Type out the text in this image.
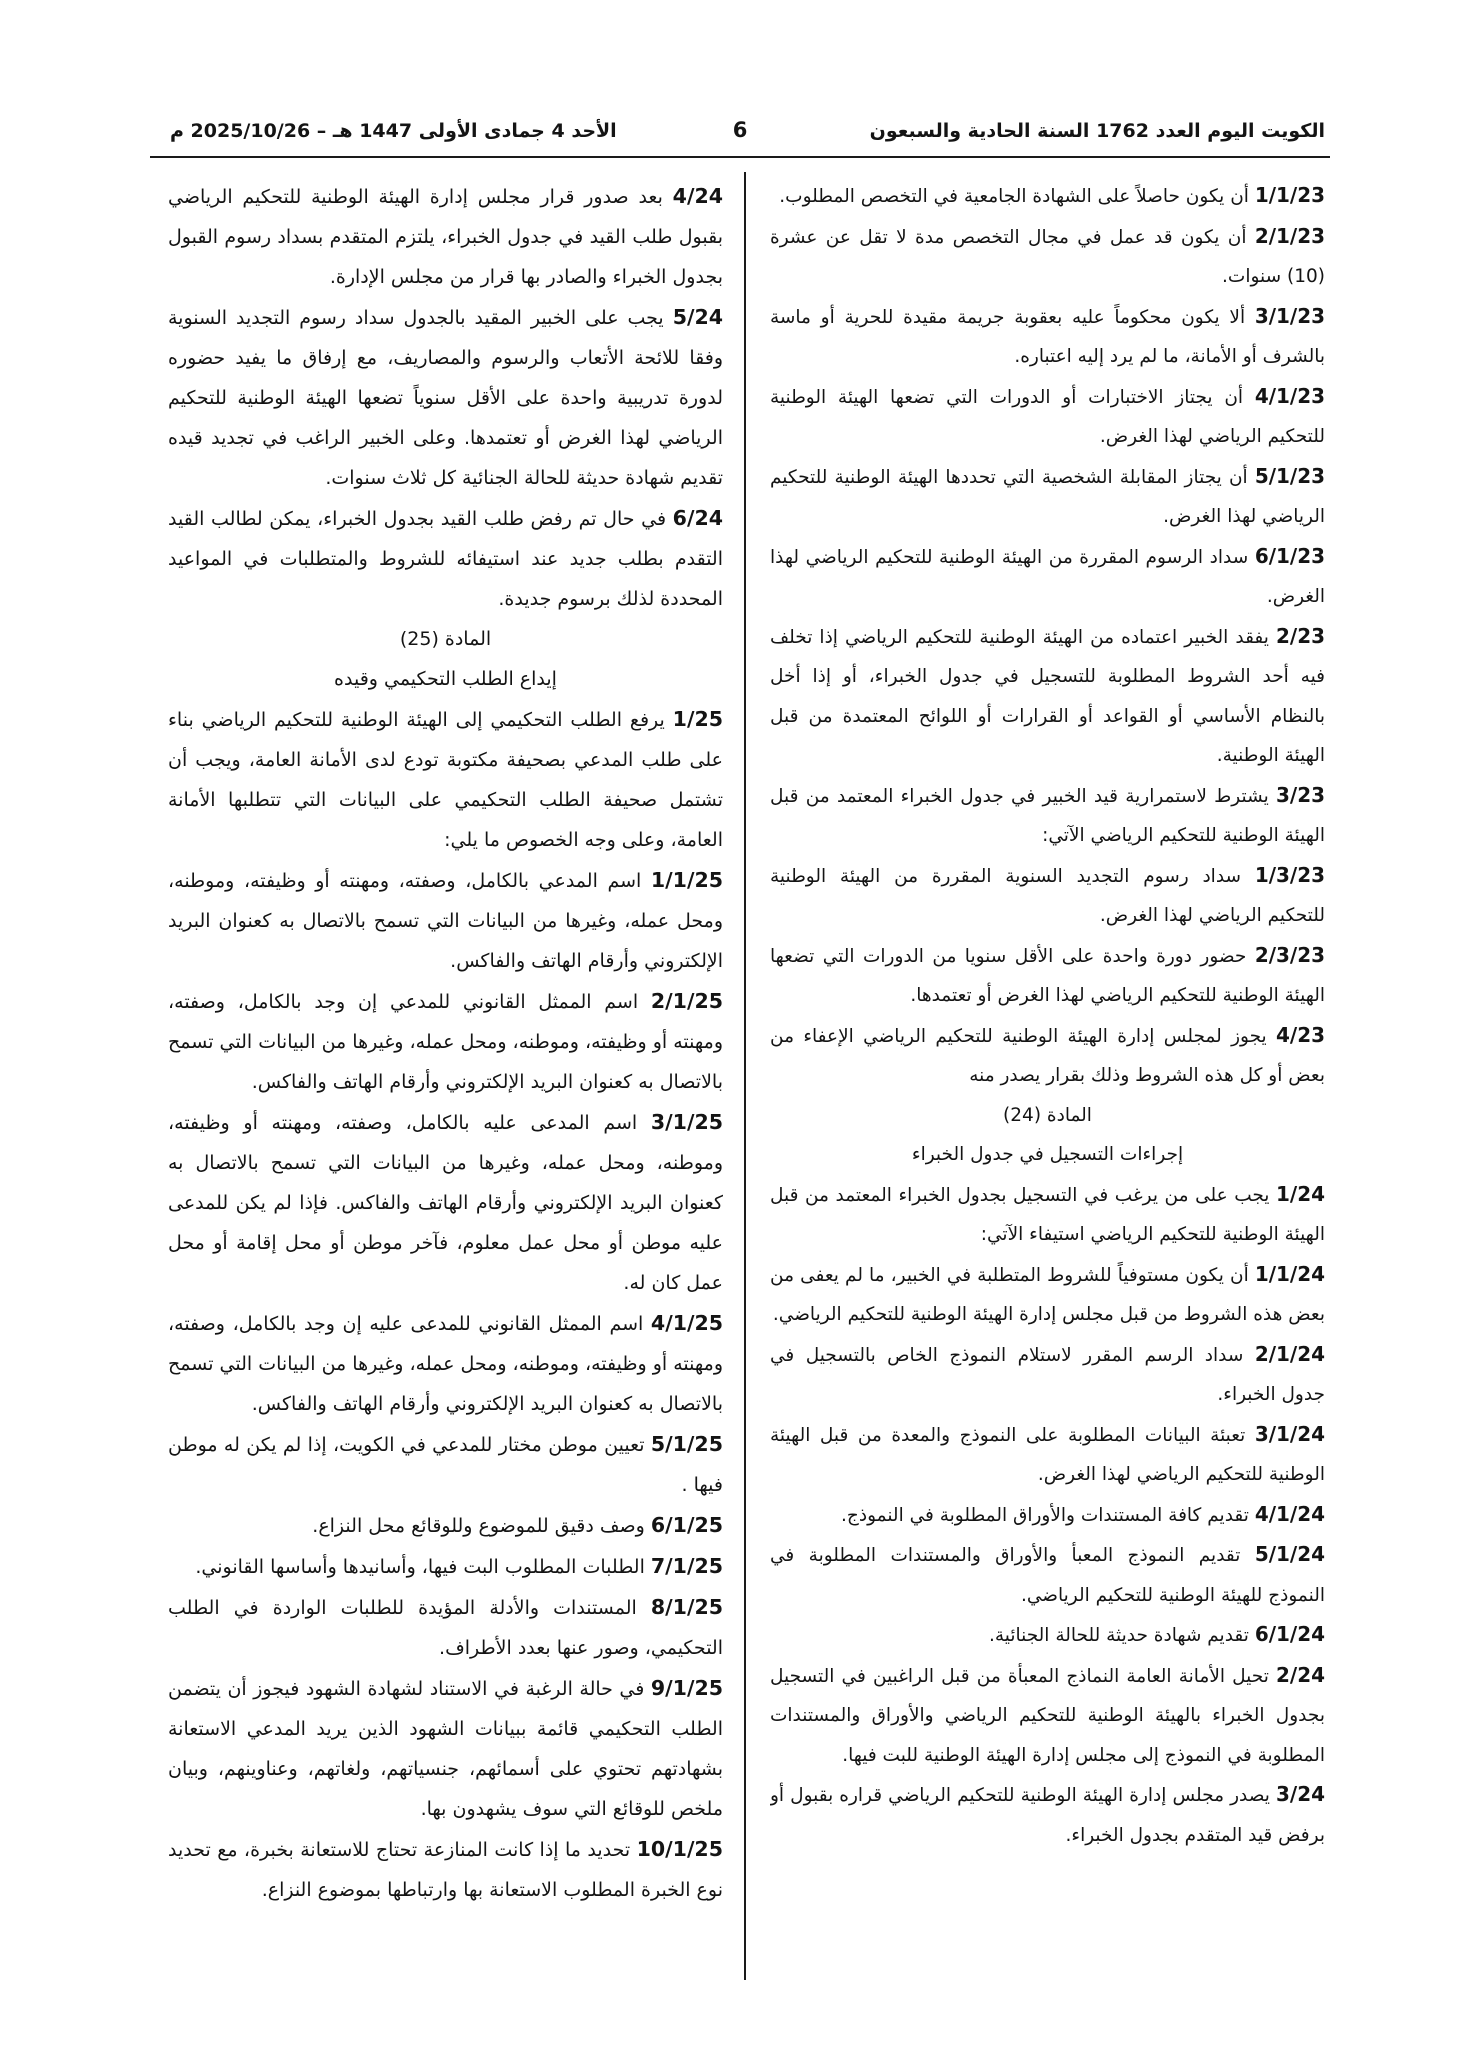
الكويت اليوم العدد 1762 السنة الحادية والسبعون
6
الأحد 4 جمادى الأولى 1447 هـ – 2025/10/26 م

1/1/23 أن يكون حاصلاً على الشهادة الجامعية في التخصص المطلوب.

2/1/23 أن يكون قد عمل في مجال التخصص مدة لا تقل عن عشرة (10) سنوات.

3/1/23 ألا يكون محكوماً عليه بعقوبة جريمة مقيدة للحرية أو ماسة بالشرف أو الأمانة، ما لم يرد إليه اعتباره.

4/1/23 أن يجتاز الاختبارات أو الدورات التي تضعها الهيئة الوطنية للتحكيم الرياضي لهذا الغرض.

5/1/23 أن يجتاز المقابلة الشخصية التي تحددها الهيئة الوطنية للتحكيم الرياضي لهذا الغرض.

6/1/23 سداد الرسوم المقررة من الهيئة الوطنية للتحكيم الرياضي لهذا الغرض.

2/23 يفقد الخبير اعتماده من الهيئة الوطنية للتحكيم الرياضي إذا تخلف فيه أحد الشروط المطلوبة للتسجيل في جدول الخبراء، أو إذا أخل بالنظام الأساسي أو القواعد أو القرارات أو اللوائح المعتمدة من قبل الهيئة الوطنية.

3/23 يشترط لاستمرارية قيد الخبير في جدول الخبراء المعتمد من قبل الهيئة الوطنية للتحكيم الرياضي الآتي:

1/3/23 سداد رسوم التجديد السنوية المقررة من الهيئة الوطنية للتحكيم الرياضي لهذا الغرض.

2/3/23 حضور دورة واحدة على الأقل سنويا من الدورات التي تضعها الهيئة الوطنية للتحكيم الرياضي لهذا الغرض أو تعتمدها.

4/23 يجوز لمجلس إدارة الهيئة الوطنية للتحكيم الرياضي الإعفاء من بعض أو كل هذه الشروط وذلك بقرار يصدر منه

المادة (24)

إجراءات التسجيل في جدول الخبراء

1/24 يجب على من يرغب في التسجيل بجدول الخبراء المعتمد من قبل الهيئة الوطنية للتحكيم الرياضي استيفاء الآتي:

1/1/24 أن يكون مستوفياً للشروط المتطلبة في الخبير، ما لم يعفى من بعض هذه الشروط من قبل مجلس إدارة الهيئة الوطنية للتحكيم الرياضي.

2/1/24 سداد الرسم المقرر لاستلام النموذج الخاص بالتسجيل في جدول الخبراء.

3/1/24 تعبئة البيانات المطلوبة على النموذج والمعدة من قبل الهيئة الوطنية للتحكيم الرياضي لهذا الغرض.

4/1/24 تقديم كافة المستندات والأوراق المطلوبة في النموذج.

5/1/24 تقديم النموذج المعبأ والأوراق والمستندات المطلوبة في النموذج للهيئة الوطنية للتحكيم الرياضي.

6/1/24 تقديم شهادة حديثة للحالة الجنائية.

2/24 تحيل الأمانة العامة النماذج المعبأة من قبل الراغبين في التسجيل بجدول الخبراء بالهيئة الوطنية للتحكيم الرياضي والأوراق والمستندات المطلوبة في النموذج إلى مجلس إدارة الهيئة الوطنية للبت فيها.

3/24 يصدر مجلس إدارة الهيئة الوطنية للتحكيم الرياضي قراره بقبول أو برفض قيد المتقدم بجدول الخبراء.

4/24 بعد صدور قرار مجلس إدارة الهيئة الوطنية للتحكيم الرياضي بقبول طلب القيد في جدول الخبراء، يلتزم المتقدم بسداد رسوم القبول بجدول الخبراء والصادر بها قرار من مجلس الإدارة.

5/24 يجب على الخبير المقيد بالجدول سداد رسوم التجديد السنوية وفقا للائحة الأتعاب والرسوم والمصاريف، مع إرفاق ما يفيد حضوره لدورة تدريبية واحدة على الأقل سنوياً تضعها الهيئة الوطنية للتحكيم الرياضي لهذا الغرض أو تعتمدها. وعلى الخبير الراغب في تجديد قيده تقديم شهادة حديثة للحالة الجنائية كل ثلاث سنوات.

6/24 في حال تم رفض طلب القيد بجدول الخبراء، يمكن لطالب القيد التقدم بطلب جديد عند استيفائه للشروط والمتطلبات في المواعيد المحددة لذلك برسوم جديدة.

المادة (25)

إيداع الطلب التحكيمي وقيده

1/25 يرفع الطلب التحكيمي إلى الهيئة الوطنية للتحكيم الرياضي بناء على طلب المدعي بصحيفة مكتوبة تودع لدى الأمانة العامة، ويجب أن تشتمل صحيفة الطلب التحكيمي على البيانات التي تتطلبها الأمانة العامة، وعلى وجه الخصوص ما يلي:

1/1/25 اسم المدعي بالكامل، وصفته، ومهنته أو وظيفته، وموطنه، ومحل عمله، وغيرها من البيانات التي تسمح بالاتصال به كعنوان البريد الإلكتروني وأرقام الهاتف والفاكس.

2/1/25 اسم الممثل القانوني للمدعي إن وجد بالكامل، وصفته، ومهنته أو وظيفته، وموطنه، ومحل عمله، وغيرها من البيانات التي تسمح بالاتصال به كعنوان البريد الإلكتروني وأرقام الهاتف والفاكس.

3/1/25 اسم المدعى عليه بالكامل، وصفته، ومهنته أو وظيفته، وموطنه، ومحل عمله، وغيرها من البيانات التي تسمح بالاتصال به كعنوان البريد الإلكتروني وأرقام الهاتف والفاكس. فإذا لم يكن للمدعى عليه موطن أو محل عمل معلوم، فآخر موطن أو محل إقامة أو محل عمل كان له.

4/1/25 اسم الممثل القانوني للمدعى عليه إن وجد بالكامل، وصفته، ومهنته أو وظيفته، وموطنه، ومحل عمله، وغيرها من البيانات التي تسمح بالاتصال به كعنوان البريد الإلكتروني وأرقام الهاتف والفاكس.

5/1/25 تعيين موطن مختار للمدعي في الكويت، إذا لم يكن له موطن فيها .

6/1/25 وصف دقيق للموضوع وللوقائع محل النزاع.

7/1/25 الطلبات المطلوب البت فيها، وأسانيدها وأساسها القانوني.

8/1/25 المستندات والأدلة المؤيدة للطلبات الواردة في الطلب التحكيمي، وصور عنها بعدد الأطراف.

9/1/25 في حالة الرغبة في الاستناد لشهادة الشهود فيجوز أن يتضمن الطلب التحكيمي قائمة ببيانات الشهود الذين يريد المدعي الاستعانة بشهادتهم تحتوي على أسمائهم، جنسياتهم، ولغاتهم، وعناوينهم، وبيان ملخص للوقائع التي سوف يشهدون بها.

10/1/25 تحديد ما إذا كانت المنازعة تحتاج للاستعانة بخبرة، مع تحديد نوع الخبرة المطلوب الاستعانة بها وارتباطها بموضوع النزاع.
